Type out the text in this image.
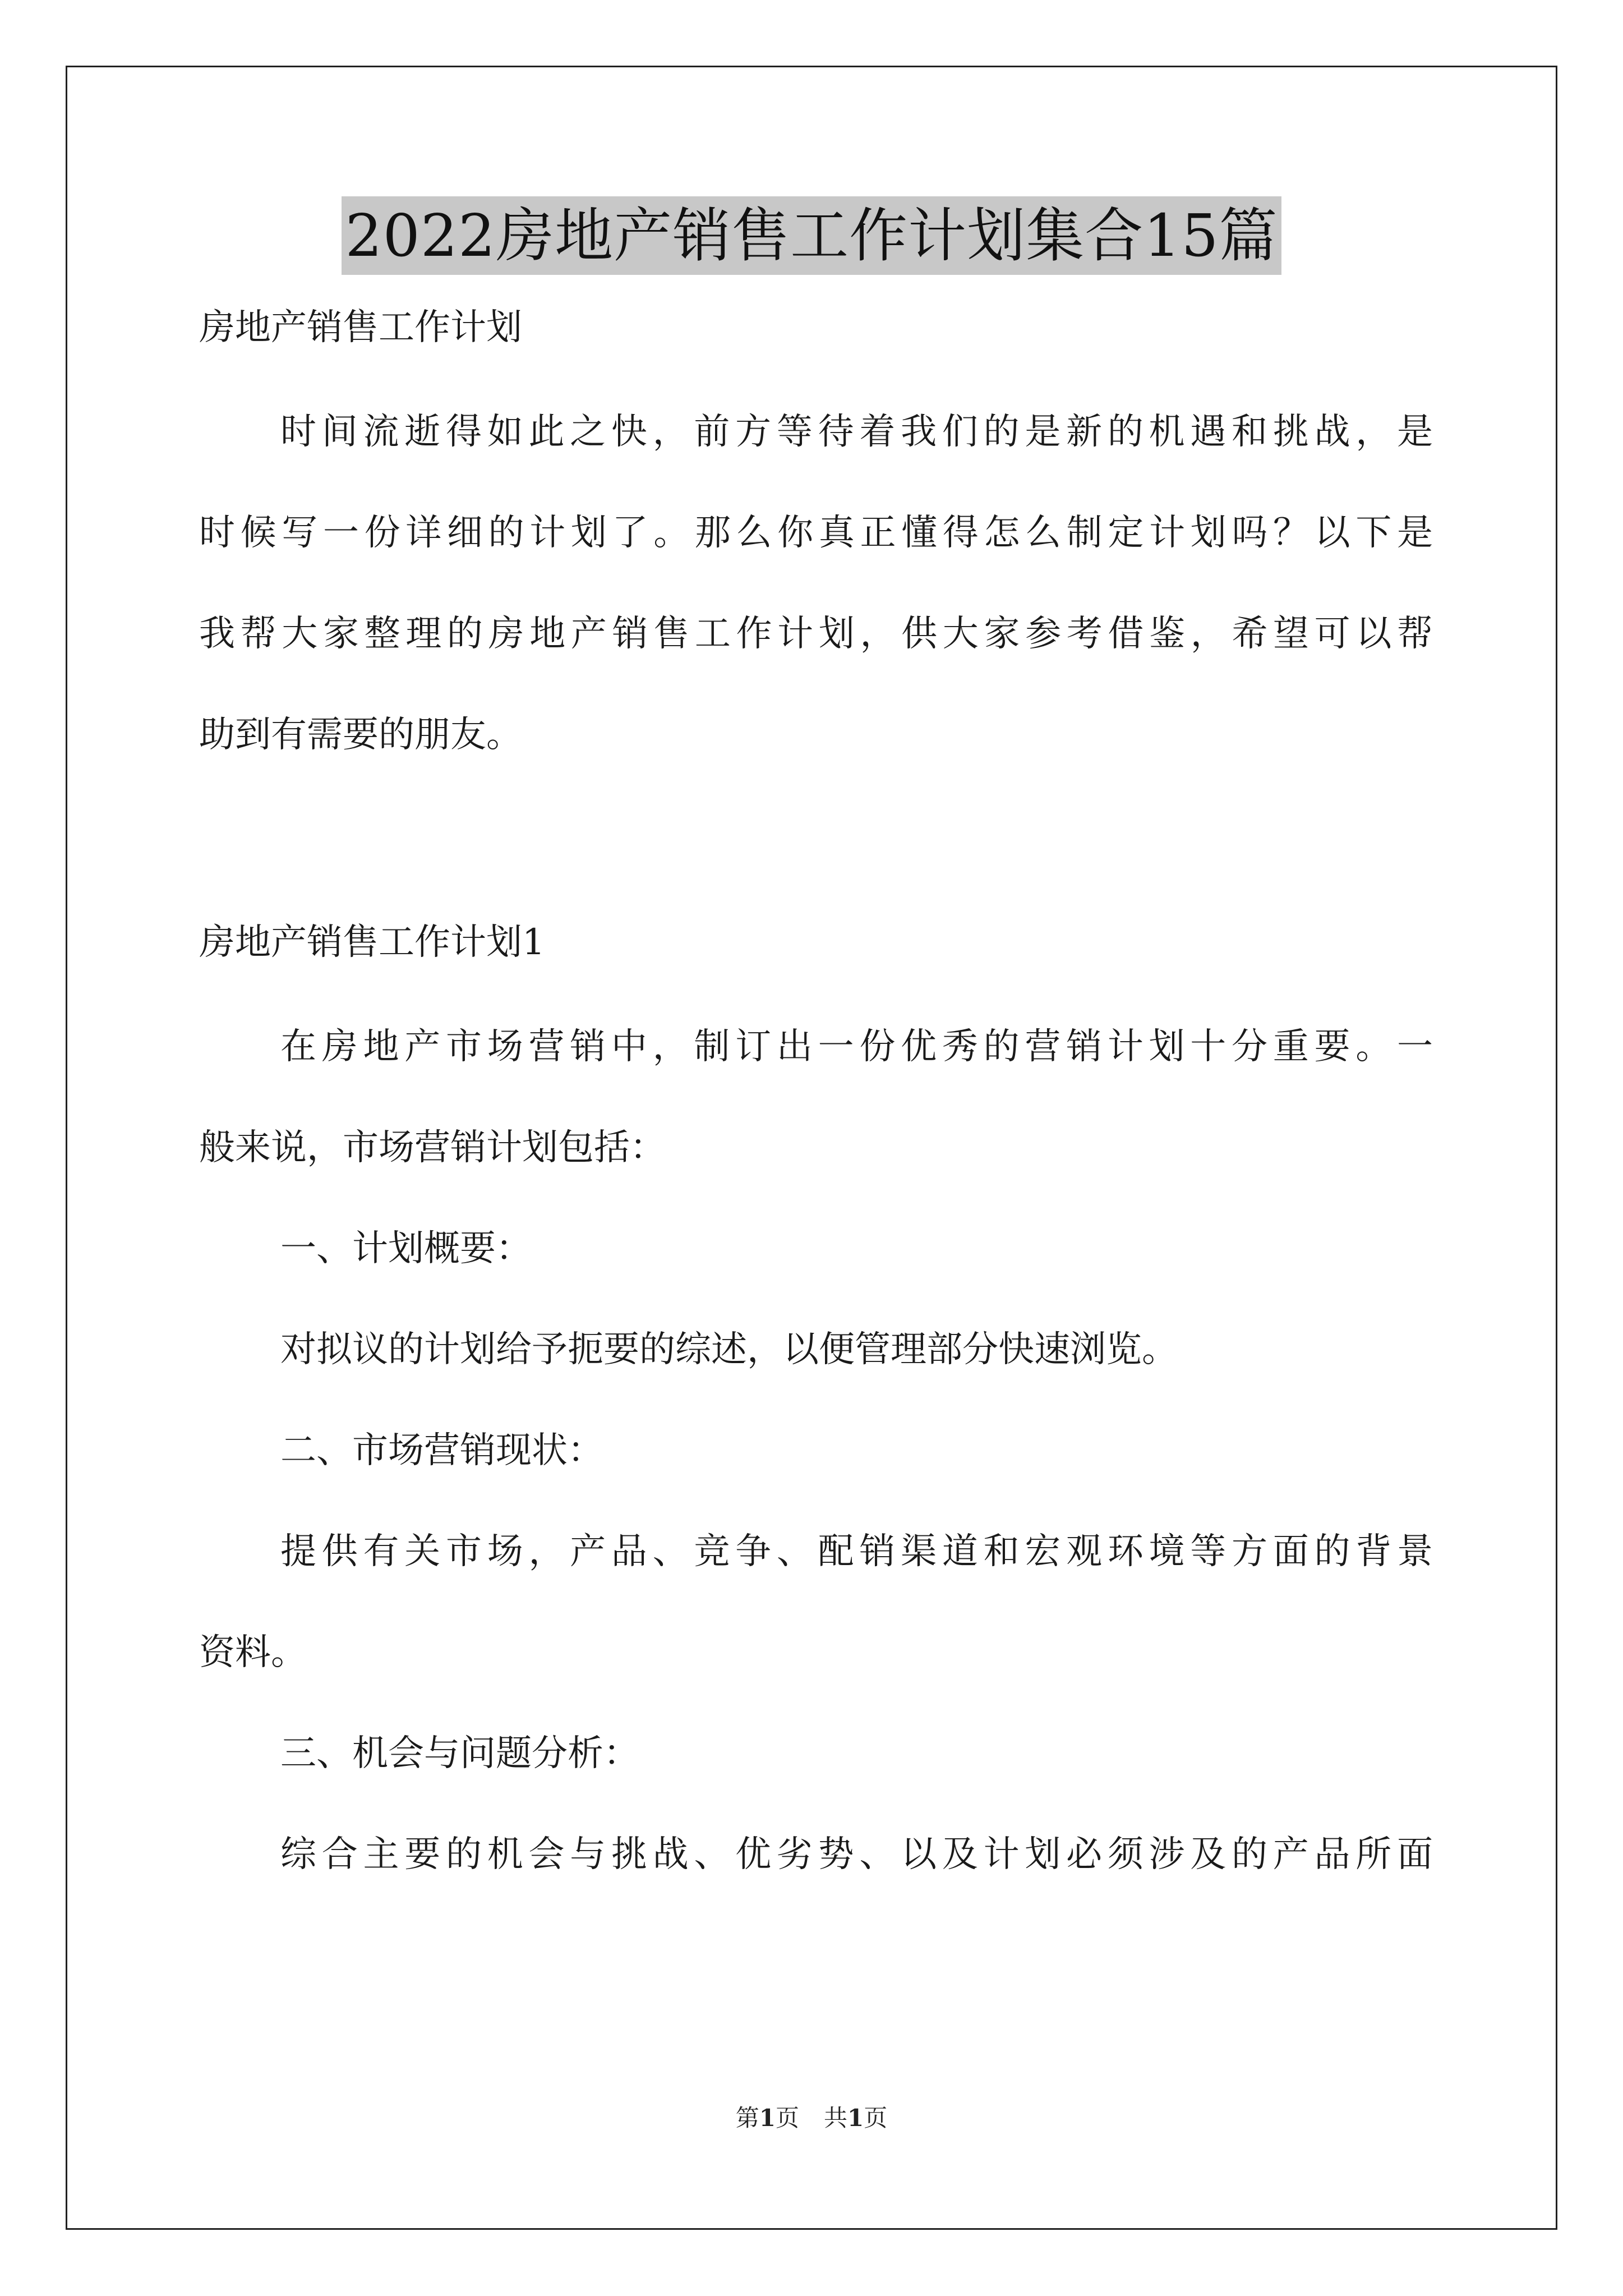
2022房地产销售工作计划集合15篇
房地产销售工作计划
时间流逝得如此之快，前方等待着我们的是新的机遇和挑战，是
时候写一份详细的计划了。那么你真正懂得怎么制定计划吗？以下是
我帮大家整理的房地产销售工作计划，供大家参考借鉴，希望可以帮
助到有需要的朋友。
房地产销售工作计划1
在房地产市场营销中，制订出一份优秀的营销计划十分重要。一
般来说，市场营销计划包括：
一、计划概要：
对拟议的计划给予扼要的综述，以便管理部分快速浏览。
二、市场营销现状：
提供有关市场，产品、竞争、配销渠道和宏观环境等方面的背景
资料。
三、机会与问题分析：
综合主要的机会与挑战、优劣势、以及计划必须涉及的产品所面
第1页 共1页
